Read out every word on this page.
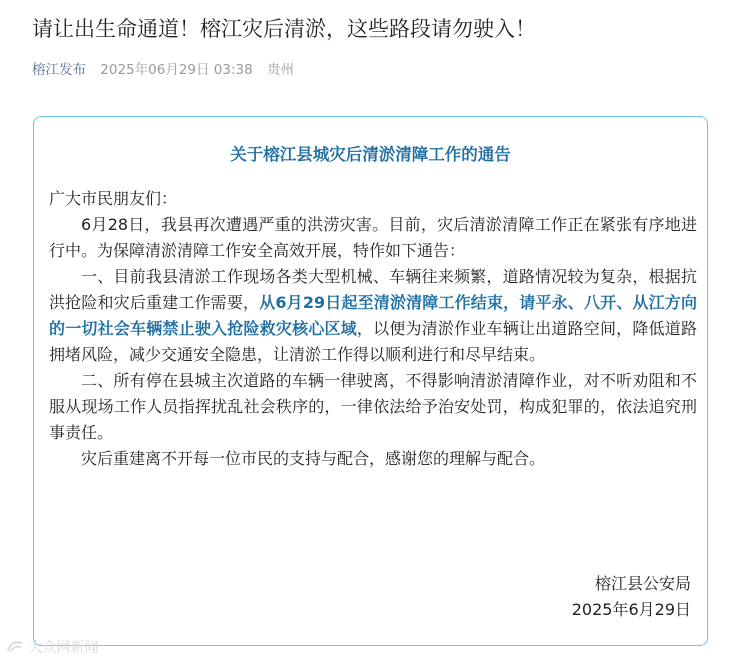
请让出生命通道！榕江灾后清淤，这些路段请勿驶入！
榕江发布 2025年06月29日 03:38 贵州
关于榕江县城灾后清淤清障工作的通告

广大市民朋友们：

6月28日，我县再次遭遇严重的洪涝灾害。目前，灾后清淤清障工作正在紧张有序地进行中。为保障清淤清障工作安全高效开展，特作如下通告：

一、目前我县清淤工作现场各类大型机械、车辆往来频繁，道路情况较为复杂，根据抗洪抢险和灾后重建工作需要，从6月29日起至清淤清障工作结束，请平永、八开、从江方向的一切社会车辆禁止驶入抢险救灾核心区域，以便为清淤作业车辆让出道路空间，降低道路拥堵风险，减少交通安全隐患，让清淤工作得以顺利进行和尽早结束。

二、所有停在县城主次道路的车辆一律驶离，不得影响清淤清障作业，对不听劝阻和不服从现场工作人员指挥扰乱社会秩序的，一律依法给予治安处罚，构成犯罪的，依法追究刑事责任。

灾后重建离不开每一位市民的支持与配合，感谢您的理解与配合。

榕江县公安局
2025年6月29日
大众网新闻
